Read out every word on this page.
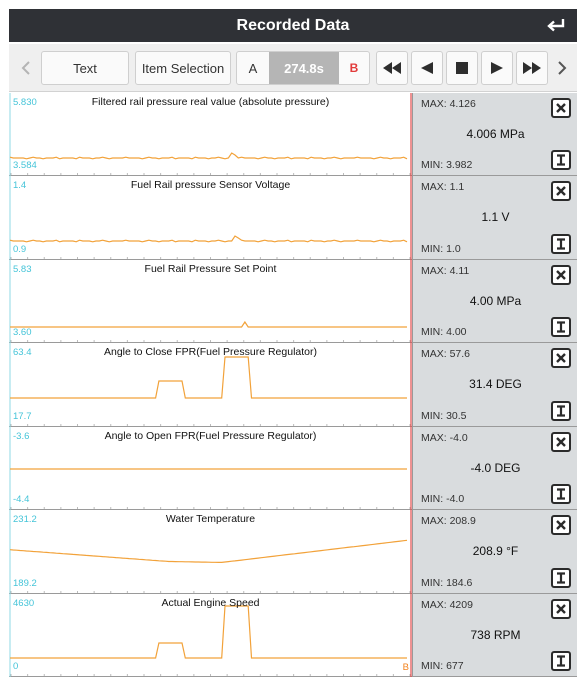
Recorded Data
Text	Item Selection	A	274.8s	B
Filtered rail pressure real value (absolute pressure)
5.830
3.584
MAX: 4.126
4.006 MPa
MIN: 3.982
Fuel Rail pressure Sensor Voltage
1.4
0.9
MAX: 1.1
1.1 V
MIN: 1.0
Fuel Rail Pressure Set Point
5.83
3.60
MAX: 4.11
4.00 MPa
MIN: 4.00
Angle to Close FPR(Fuel Pressure Regulator)
63.4
17.7
MAX: 57.6
31.4 DEG
MIN: 30.5
Angle to Open FPR(Fuel Pressure Regulator)
-3.6
-4.4
MAX: -4.0
-4.0 DEG
MIN: -4.0
Water Temperature
231.2
189.2
MAX: 208.9
208.9 °F
MIN: 184.6
Actual Engine Speed
4630
0	B
MAX: 4209
738 RPM
MIN: 677
